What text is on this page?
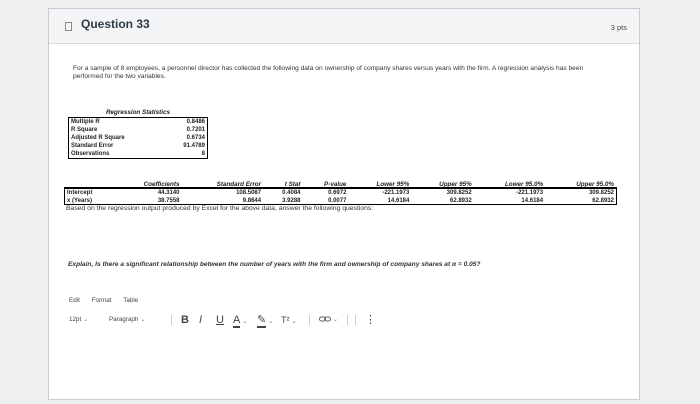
Question 33	3 pts
For a sample of 8 employees, a personnel director has collected the following data on ownership of company shares versus years with the firm. A regression analysis has been performed for the two variables.
Regression Statistics	
Multiple R	0.8486
R Square	0.7201
Adjusted R Square	0.6734
Standard Error	91.4789
Observations	8
	Coefficients	Standard Error	t Stat	P-value	Lower 95%	Upper 95%	Lower 95.0%	Upper 95.0%
Intercept	44.3140	108.5087	0.4084	0.6972	-221.1973	309.8252	-221.1973	309.8252
x (Years)	38.7558	9.8644	3.9288	0.0077	14.6184	62.8932	14.6184	62.8932
Based on the regression output produced by Excel for the above data, answer the following questions:
Explain, Is there a significant relationship between the number of years with the firm and ownership of company shares at α = 0.05?
Edit Format Table
12pt ⌄	Paragraph ⌄	B I U A ⌄ ✎ ⌄ T² ⌄	⌄ ⋮
